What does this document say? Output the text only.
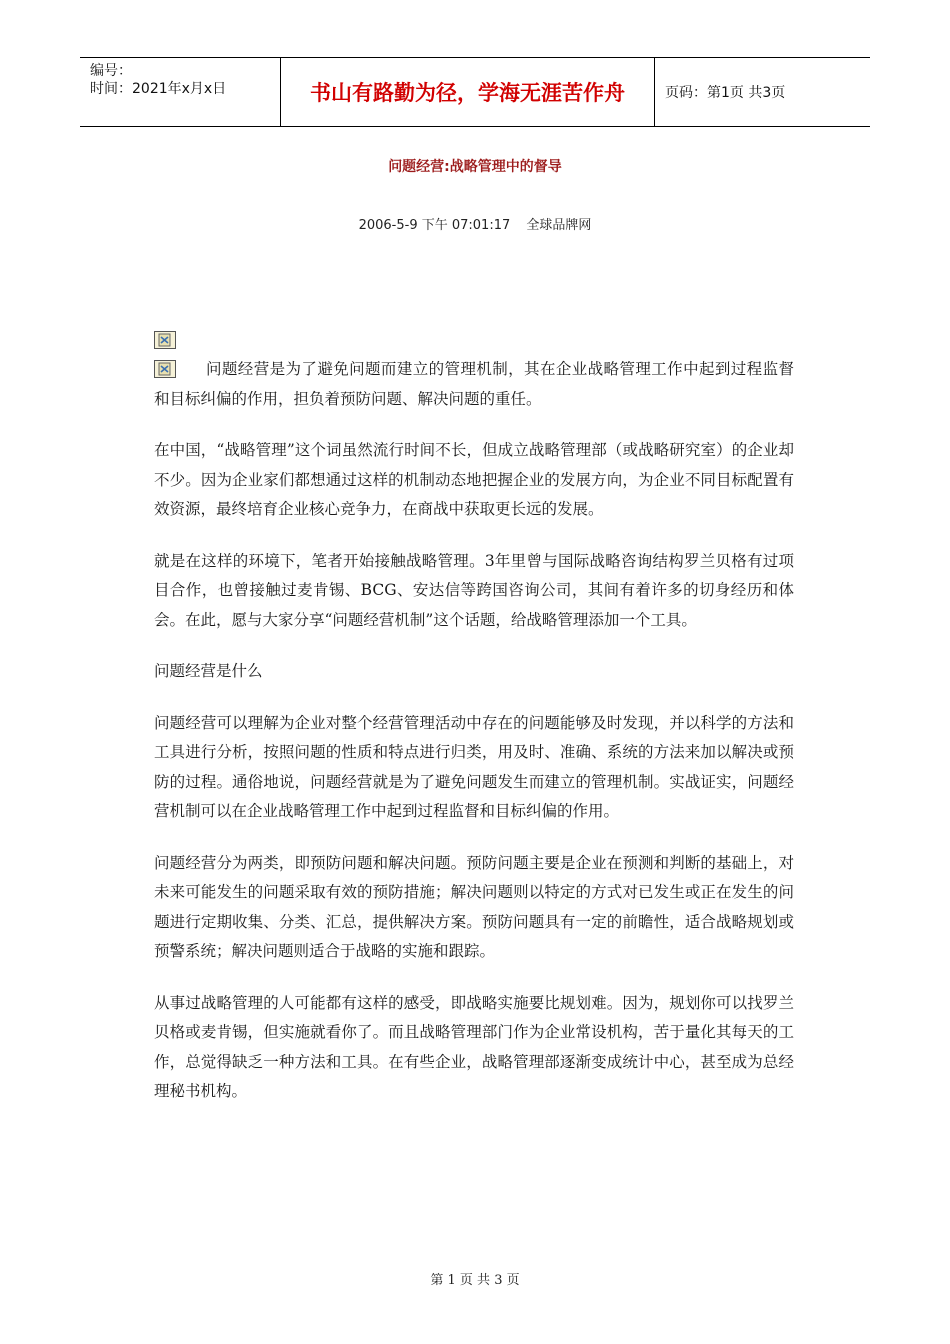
编号：
时间：2021年x月x日	书山有路勤为径，学海无涯苦作舟	页码：第1页 共3页
问题经营:战略管理中的督导
2006-5-9 下午 07:01:17 全球品牌网

问题经营是为了避免问题而建立的管理机制，其在企业战略管理工作中起到过程监督和目标纠偏的作用，担负着预防问题、解决问题的重任。

在中国，“战略管理”这个词虽然流行时间不长，但成立战略管理部（或战略研究室）的企业却不少。因为企业家们都想通过这样的机制动态地把握企业的发展方向，为企业不同目标配置有效资源，最终培育企业核心竞争力，在商战中获取更长远的发展。

就是在这样的环境下，笔者开始接触战略管理。3年里曾与国际战略咨询结构罗兰贝格有过项目合作，也曾接触过麦肯锡、BCG、安达信等跨国咨询公司，其间有着许多的切身经历和体会。在此，愿与大家分享“问题经营机制”这个话题，给战略管理添加一个工具。

问题经营是什么

问题经营可以理解为企业对整个经营管理活动中存在的问题能够及时发现，并以科学的方法和工具进行分析，按照问题的性质和特点进行归类，用及时、准确、系统的方法来加以解决或预防的过程。通俗地说，问题经营就是为了避免问题发生而建立的管理机制。实战证实，问题经营机制可以在企业战略管理工作中起到过程监督和目标纠偏的作用。

问题经营分为两类，即预防问题和解决问题。预防问题主要是企业在预测和判断的基础上，对未来可能发生的问题采取有效的预防措施；解决问题则以特定的方式对已发生或正在发生的问题进行定期收集、分类、汇总，提供解决方案。预防问题具有一定的前瞻性，适合战略规划或预警系统；解决问题则适合于战略的实施和跟踪。

从事过战略管理的人可能都有这样的感受，即战略实施要比规划难。因为，规划你可以找罗兰贝格或麦肯锡，但实施就看你了。而且战略管理部门作为企业常设机构，苦于量化其每天的工作，总觉得缺乏一种方法和工具。在有些企业，战略管理部逐渐变成统计中心，甚至成为总经理秘书机构。

第 1 页 共 3 页
